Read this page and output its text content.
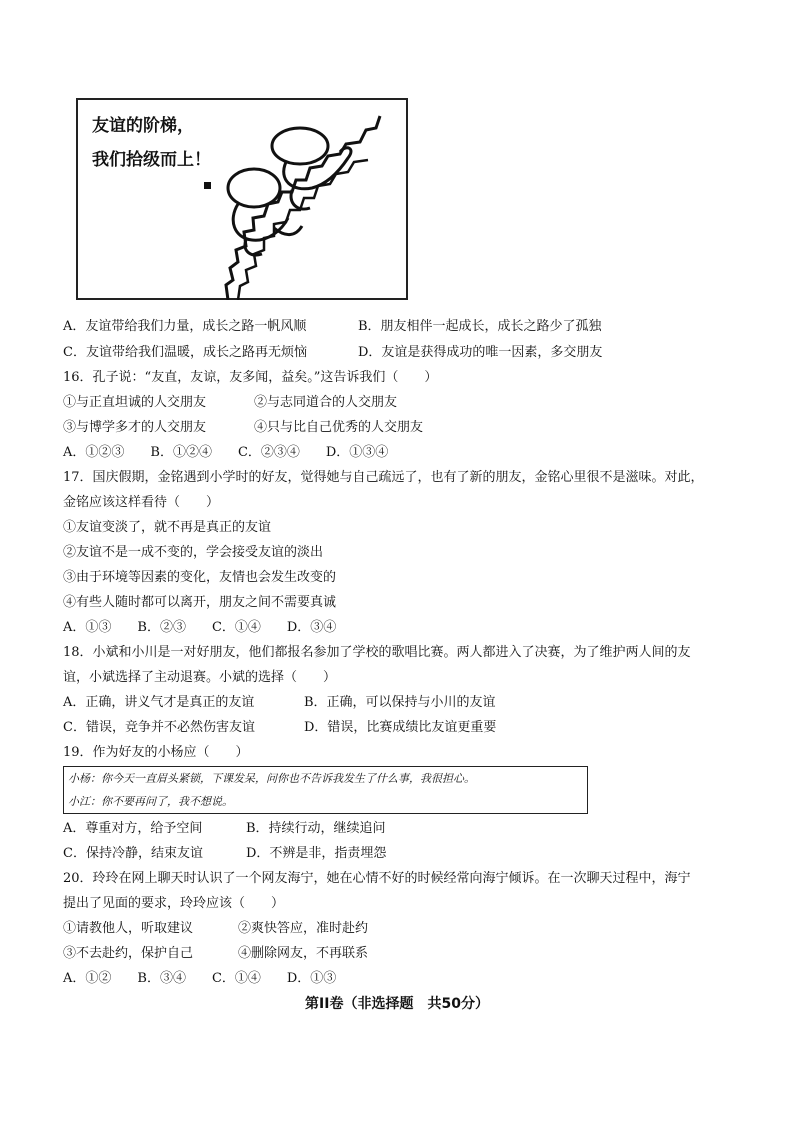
友谊的阶梯，
我们拾级而上！
A．友谊带给我们力量，成长之路一帆风顺	B．朋友相伴一起成长，成长之路少了孤独
C．友谊带给我们温暖，成长之路再无烦恼	D．友谊是获得成功的唯一因素，多交朋友
16．孔子说：“友直，友谅，友多闻，益矣。”这告诉我们（　　）
①与正直坦诚的人交朋友	②与志同道合的人交朋友
③与博学多才的人交朋友	④只与比自己优秀的人交朋友
A．①②③　　B．①②④　　C．②③④　　D．①③④
17．国庆假期，金铭遇到小学时的好友，觉得她与自己疏远了，也有了新的朋友，金铭心里很不是滋味。对此，
金铭应该这样看待（　　）
①友谊变淡了，就不再是真正的友谊
②友谊不是一成不变的，学会接受友谊的淡出
③由于环境等因素的变化，友情也会发生改变的
④有些人随时都可以离开，朋友之间不需要真诚
A．①③　　B．②③　　C．①④　　D．③④
18．小斌和小川是一对好朋友，他们都报名参加了学校的歌唱比赛。两人都进入了决赛，为了维护两人间的友
谊，小斌选择了主动退赛。小斌的选择（　　）
A．正确，讲义气才是真正的友谊	B．正确，可以保持与小川的友谊
C．错误，竞争并不必然伤害友谊	D．错误，比赛成绩比友谊更重要
19．作为好友的小杨应（　　）
小杨：你今天一直眉头紧锁，下课发呆，问你也不告诉我发生了什么事，我很担心。
小江：你不要再问了，我不想说。
A．尊重对方，给予空间	B．持续行动，继续追问
C．保持冷静，结束友谊	D．不辨是非，指责埋怨
20．玲玲在网上聊天时认识了一个网友海宁，她在心情不好的时候经常向海宁倾诉。在一次聊天过程中，海宁
提出了见面的要求，玲玲应该（　　）
①请教他人，听取建议	②爽快答应，准时赴约
③不去赴约，保护自己	④删除网友，不再联系
A．①②　　B．③④　　C．①④　　D．①③
第II卷（非选择题　共50分）
